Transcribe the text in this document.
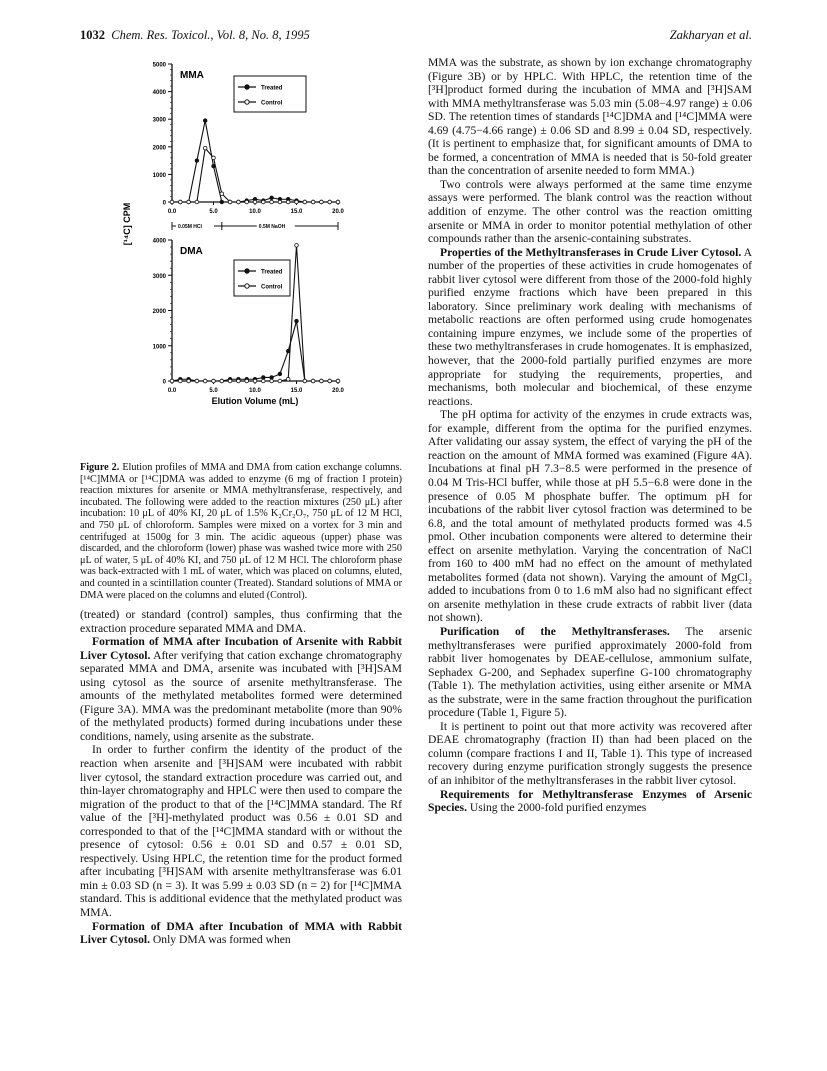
1032 Chem. Res. Toxicol., Vol. 8, No. 8, 1995	Zakharyan et al.
5000
4000
3000
2000
1000
0
0.0	5.0	10.0	15.0	20.0
MMA
Treated
Control
4000
3000
2000
1000
0
0.0	5.0	10.0	15.0	20.0
DMA
Treated
Control
[¹⁴C] CPM	0.05M HCl	0.5M NaOH
Elution Volume (mL)
Figure 2. Elution profiles of MMA and DMA from cation exchange columns. [¹⁴C]MMA or [¹⁴C]DMA was added to enzyme (6 mg of fraction I protein) reaction mixtures for arsenite or MMA methyltransferase, respectively, and incubated. The following were added to the reaction mixtures (250 μL) after incubation: 10 μL of 40% KI, 20 μL of 1.5% K₂Cr₂O₇, 750 μL of 12 M HCl, and 750 μL of chloroform. Samples were mixed on a vortex for 3 min and centrifuged at 1500g for 3 min. The acidic aqueous (upper) phase was discarded, and the chloroform (lower) phase was washed twice more with 250 μL of water, 5 μL of 40% KI, and 750 μL of 12 M HCl. The chloroform phase was back-extracted with 1 mL of water, which was placed on columns, eluted, and counted in a scintillation counter (Treated). Standard solutions of MMA or DMA were placed on the columns and eluted (Control).

(treated) or standard (control) samples, thus confirming that the extraction procedure separated MMA and DMA.

Formation of MMA after Incubation of Arsenite with Rabbit Liver Cytosol. After verifying that cation exchange chromatography separated MMA and DMA, arsenite was incubated with [³H]SAM using cytosol as the source of arsenite methyltransferase. The amounts of the methylated metabolites formed were determined (Figure 3A). MMA was the predominant metabolite (more than 90% of the methylated products) formed during incubations under these conditions, namely, using arsenite as the substrate.

In order to further confirm the identity of the product of the reaction when arsenite and [³H]SAM were incubated with rabbit liver cytosol, the standard extraction procedure was carried out, and thin-layer chromatography and HPLC were then used to compare the migration of the product to that of the [¹⁴C]MMA standard. The Rf value of the [³H]-methylated product was 0.56 ± 0.01 SD and corresponded to that of the [¹⁴C]MMA standard with or without the presence of cytosol: 0.56 ± 0.01 SD and 0.57 ± 0.01 SD, respectively. Using HPLC, the retention time for the product formed after incubating [³H]SAM with arsenite methyltransferase was 6.01 min ± 0.03 SD (n = 3). It was 5.99 ± 0.03 SD (n = 2) for [¹⁴C]MMA standard. This is additional evidence that the methylated product was MMA.

Formation of DMA after Incubation of MMA with Rabbit Liver Cytosol. Only DMA was formed when

MMA was the substrate, as shown by ion exchange chromatography (Figure 3B) or by HPLC. With HPLC, the retention time of the [³H]product formed during the incubation of MMA and [³H]SAM with MMA methyltransferase was 5.03 min (5.08−4.97 range) ± 0.06 SD. The retention times of standards [¹⁴C]DMA and [¹⁴C]MMA were 4.69 (4.75−4.66 range) ± 0.06 SD and 8.99 ± 0.04 SD, respectively. (It is pertinent to emphasize that, for significant amounts of DMA to be formed, a concentration of MMA is needed that is 50-fold greater than the concentration of arsenite needed to form MMA.)

Two controls were always performed at the same time enzyme assays were performed. The blank control was the reaction without addition of enzyme. The other control was the reaction omitting arsenite or MMA in order to monitor potential methylation of other compounds rather than the arsenic-containing substrates.

Properties of the Methyltransferases in Crude Liver Cytosol. A number of the properties of these activities in crude homogenates of rabbit liver cytosol were different from those of the 2000-fold highly purified enzyme fractions which have been prepared in this laboratory. Since preliminary work dealing with mechanisms of metabolic reactions are often performed using crude homogenates containing impure enzymes, we include some of the properties of these two methyltransferases in crude homogenates. It is emphasized, however, that the 2000-fold partially purified enzymes are more appropriate for studying the requirements, properties, and mechanisms, both molecular and biochemical, of these enzyme reactions.

The pH optima for activity of the enzymes in crude extracts was, for example, different from the optima for the purified enzymes. After validating our assay system, the effect of varying the pH of the reaction on the amount of MMA formed was examined (Figure 4A). Incubations at final pH 7.3−8.5 were performed in the presence of 0.04 M Tris-HCl buffer, while those at pH 5.5−6.8 were done in the presence of 0.05 M phosphate buffer. The optimum pH for incubations of the rabbit liver cytosol fraction was determined to be 6.8, and the total amount of methylated products formed was 4.5 pmol. Other incubation components were altered to determine their effect on arsenite methylation. Varying the concentration of NaCl from 160 to 400 mM had no effect on the amount of methylated metabolites formed (data not shown). Varying the amount of MgCl₂ added to incubations from 0 to 1.6 mM also had no significant effect on arsenite methylation in these crude extracts of rabbit liver (data not shown).

Purification of the Methyltransferases. The arsenic methyltransferases were purified approximately 2000-fold from rabbit liver homogenates by DEAE-cellulose, ammonium sulfate, Sephadex G-200, and Sephadex superfine G-100 chromatography (Table 1). The methylation activities, using either arsenite or MMA as the substrate, were in the same fraction throughout the purification procedure (Table 1, Figure 5).

It is pertinent to point out that more activity was recovered after DEAE chromatography (fraction II) than had been placed on the column (compare fractions I and II, Table 1). This type of increased recovery during enzyme purification strongly suggests the presence of an inhibitor of the methyltransferases in the rabbit liver cytosol.

Requirements for Methyltransferase Enzymes of Arsenic Species. Using the 2000-fold purified enzymes
